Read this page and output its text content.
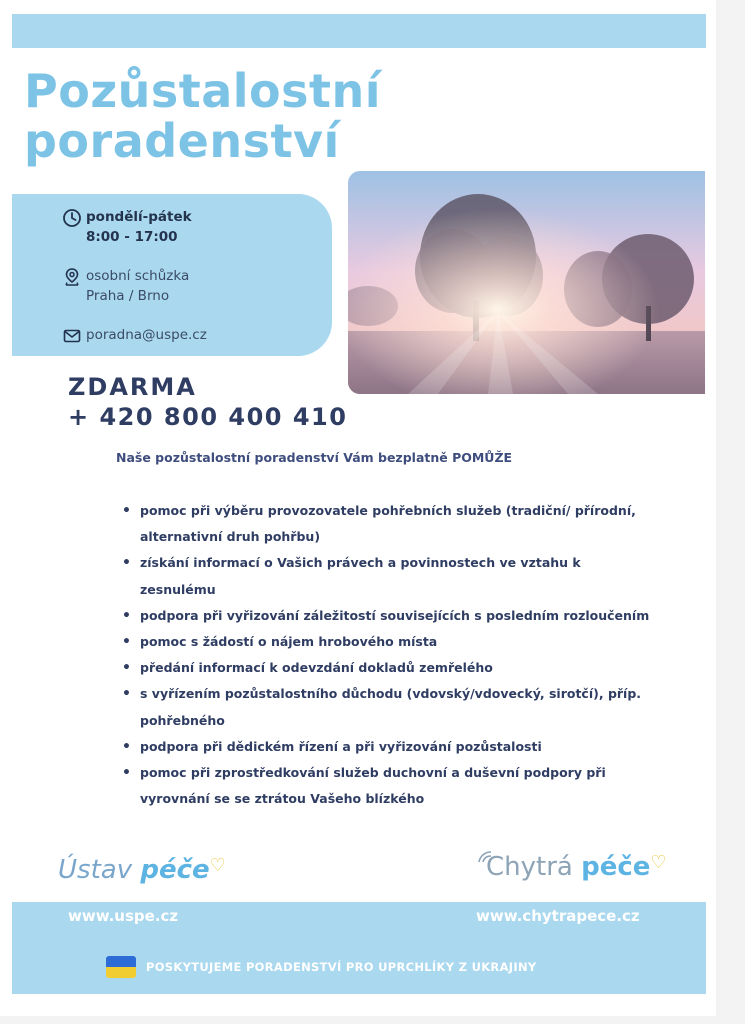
Pozůstalostní
poradenství
pondělí-pátek
8:00 - 17:00
osobní schůzka
Praha / Brno
poradna@uspe.cz
ZDARMA
+ 420 800 400 410
Naše pozůstalostní poradenství Vám bezplatně POMŮŽE
• pomoc při výběru provozovatele pohřebních služeb (tradiční/ přírodní, alternativní druh pohřbu)
• získání informací o Vašich právech a povinnostech ve vztahu k zesnulému
• podpora při vyřizování záležitostí souvisejících s posledním rozloučením
• pomoc s žádostí o nájem hrobového místa
• předání informací k odevzdání dokladů zemřelého
• s vyřízením pozůstalostního důchodu (vdovský/vdovecký, sirotčí), příp. pohřebného
• podpora při dědickém řízení a při vyřizování pozůstalosti
• pomoc při zprostředkování služeb duchovní a duševní podpory při vyrovnání se se ztrátou Vašeho blízkého
Ústav péče♡	Chytrá péče♡
www.uspe.cz	www.chytrapece.cz
POSKYTUJEME PORADENSTVÍ PRO UPRCHLÍKY Z UKRAJINY
